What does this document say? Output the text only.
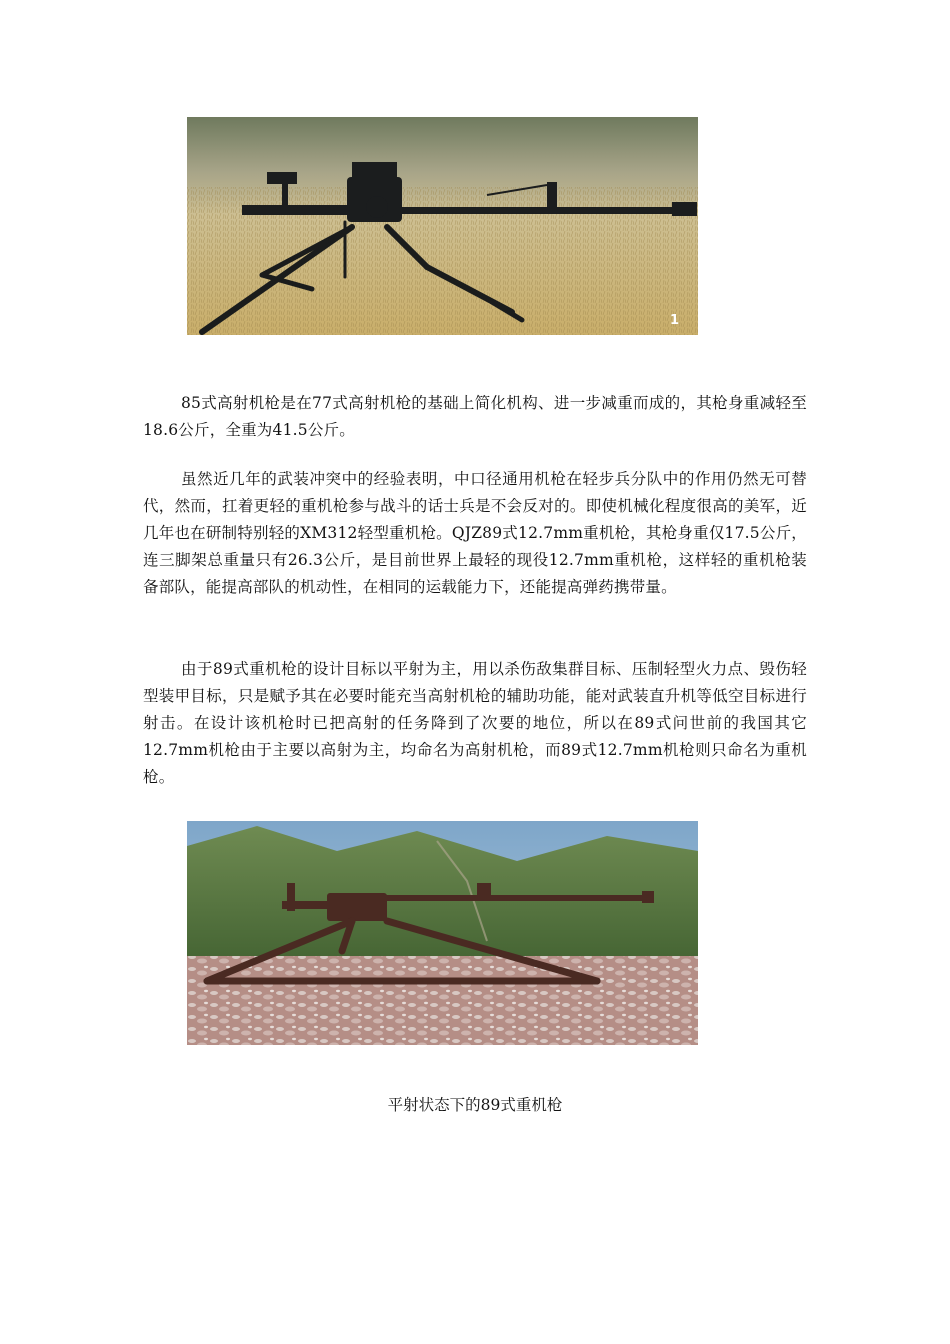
1

85式高射机枪是在77式高射机枪的基础上简化机构、进一步减重而成的，其枪身重减轻至18.6公斤，全重为41.5公斤。

虽然近几年的武装冲突中的经验表明，中口径通用机枪在轻步兵分队中的作用仍然无可替代，然而，扛着更轻的重机枪参与战斗的话士兵是不会反对的。即使机械化程度很高的美军，近几年也在研制特别轻的XM312轻型重机枪。QJZ89式12.7mm重机枪，其枪身重仅17.5公斤，连三脚架总重量只有26.3公斤，是目前世界上最轻的现役12.7mm重机枪，这样轻的重机枪装备部队，能提高部队的机动性，在相同的运载能力下，还能提高弹药携带量。

由于89式重机枪的设计目标以平射为主，用以杀伤敌集群目标、压制轻型火力点、毁伤轻型装甲目标，只是赋予其在必要时能充当高射机枪的辅助功能，能对武装直升机等低空目标进行射击。在设计该机枪时已把高射的任务降到了次要的地位，所以在89式问世前的我国其它12.7mm机枪由于主要以高射为主，均命名为高射机枪，而89式12.7mm机枪则只命名为重机枪。

平射状态下的89式重机枪
